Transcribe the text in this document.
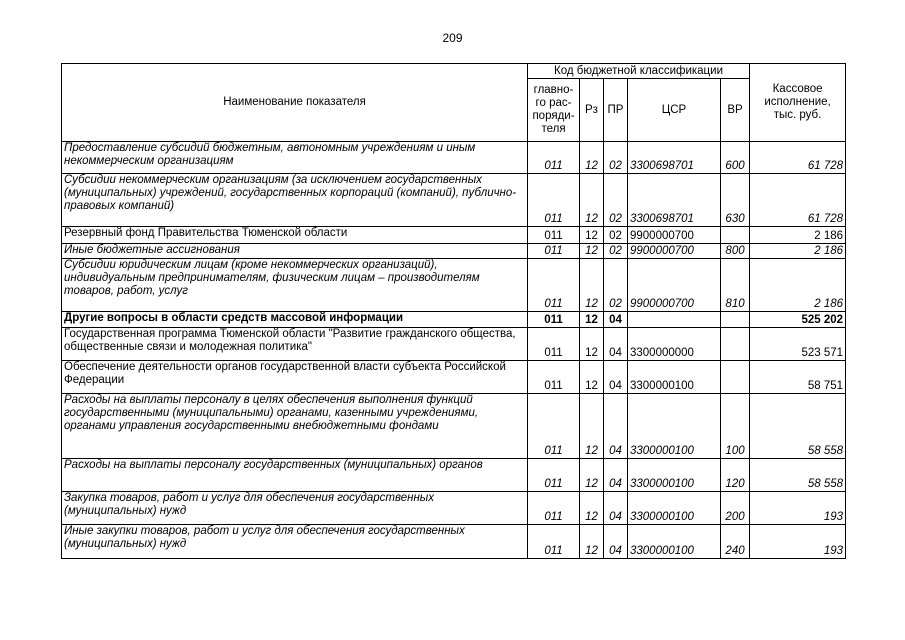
209
Наименование показателя	Код бюджетной классификации					Кассовое
исполнение,
тыс. руб.
	главно-
го рас-
поряди-
теля	Рз	ПР	ЦСР	ВР	
Предоставление субсидий бюджетным, автономным учреждениям и иным некоммерческим организациям	011	12	02	3300698701	600	61 728
Субсидии некоммерческим организациям (за исключением государственных (муниципальных) учреждений, государственных корпораций (компаний), публично-правовых компаний)	011	12	02	3300698701	630	61 728
Резервный фонд Правительства Тюменской области	011	12	02	9900000700		2 186
Иные бюджетные ассигнования	011	12	02	9900000700	800	2 186
Субсидии юридическим лицам (кроме некоммерческих организаций), индивидуальным предпринимателям, физическим лицам – производителям товаров, работ, услуг	011	12	02	9900000700	810	2 186
Другие вопросы в области средств массовой информации	011	12	04			525 202
Государственная программа Тюменской области "Развитие гражданского общества, общественные связи и молодежная политика"	011	12	04	3300000000		523 571
Обеспечение деятельности органов государственной власти субъекта Российской Федерации	011	12	04	3300000100		58 751
Расходы на выплаты персоналу в целях обеспечения выполнения функций государственными (муниципальными) органами, казенными учреждениями, органами управления государственными внебюджетными фондами	011	12	04	3300000100	100	58 558
Расходы на выплаты персоналу государственных (муниципальных) органов	011	12	04	3300000100	120	58 558
Закупка товаров, работ и услуг для обеспечения государственных (муниципальных) нужд	011	12	04	3300000100	200	193
Иные закупки товаров, работ и услуг для обеспечения государственных (муниципальных) нужд	011	12	04	3300000100	240	193
